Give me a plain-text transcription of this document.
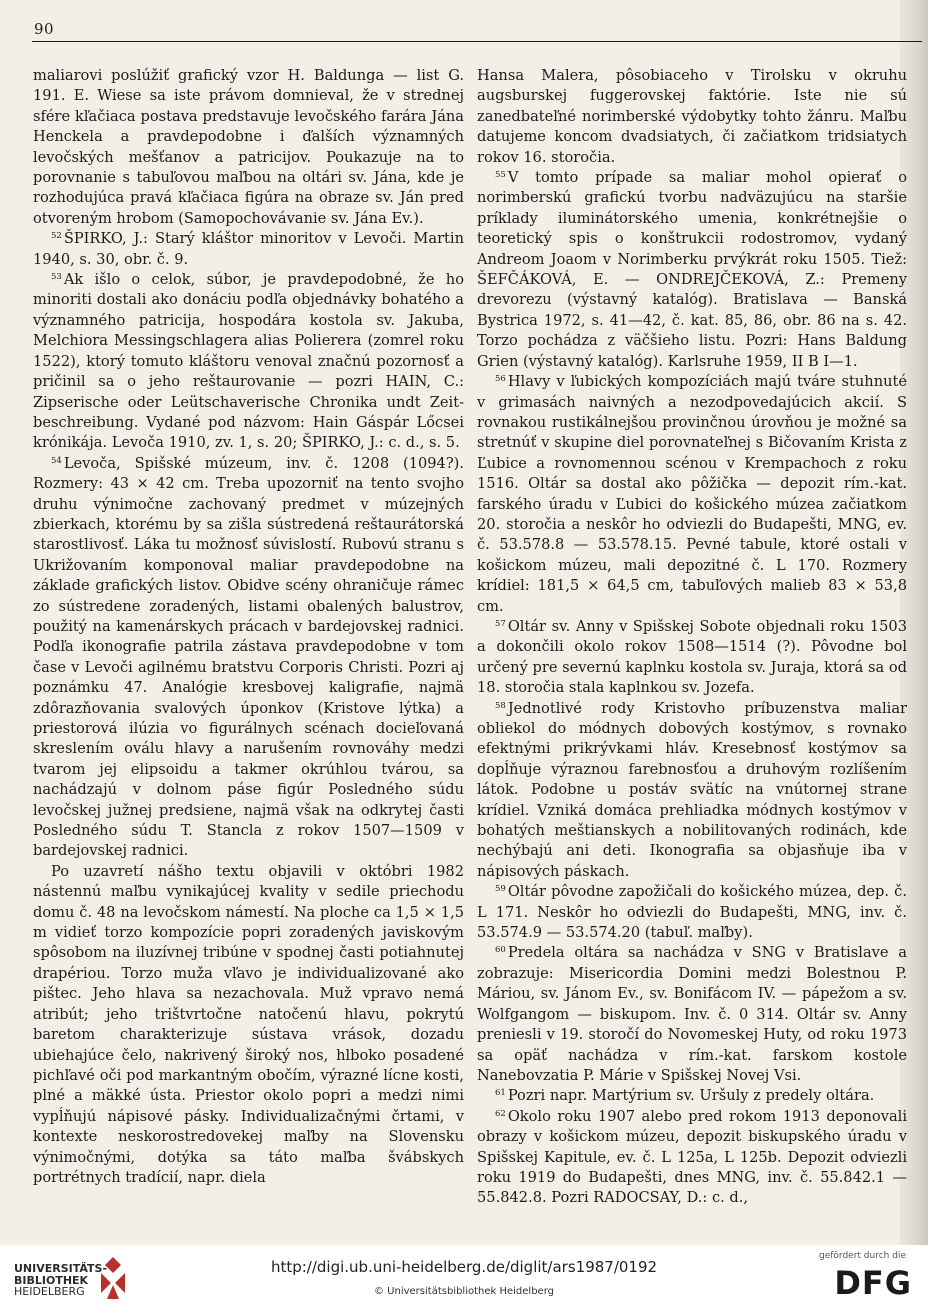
90

maliarovi poslúžiť grafický vzor H. Baldunga — list G. 191. E. Wiese sa iste právom domnieval, že v strednej sfére kľačiaca postava predstavuje levočského farára Jána Henckela a pravdepodobne i ďalších významných levočských mešťanov a patricijov. Poukazuje na to porovnanie s tabuľovou maľbou na oltári sv. Jána, kde je rozhodujúca pravá kľačiaca figúra na obraze sv. Ján pred otvoreným hrobom (Samopochovávanie sv. Jána Ev.).

$^{52}$ ŠPIRKO, J.: Starý kláštor minoritov v Levoči. Martin 1940, s. 30, obr. č. 9.

$^{53}$ Ak išlo o celok, súbor, je pravdepodobné, že ho minoriti dostali ako donáciu podľa objednávky bohatého a významného patricija, hospodára kostola sv. Jakuba, Melchiora Messingschlagera alias Polierera (zomrel roku 1522), ktorý tomuto kláštoru venoval značnú pozornosť a pričinil sa o jeho reštaurovanie — pozri HAIN, C.: Zipserische oder Leütschaverische Chronika undt Zeit- beschreibung. Vydané pod názvom: Hain Gáspár Lőcsei krónikája. Levoča 1910, zv. 1, s. 20; ŠPIRKO, J.: c. d., s. 5.

$^{54}$ Levoča, Spišské múzeum, inv. č. 1208 (1094?). Rozmery: 43 × 42 cm. Treba upozorniť na tento svojho druhu výnimočne zachovaný predmet v múzejných zbierkach, ktorému by sa zišla sústredená reštaurátorská starostlivosť. Láka tu možnosť súvislostí. Rubovú stranu s Ukrižovaním komponoval maliar pravdepodobne na základe grafických listov. Obidve scény ohraničuje rámec zo sústredene zoradených, listami obalených balustrov, použitý na kamenárskych prácach v bardejovskej radnici. Podľa ikonografie patrila zástava pravdepodobne v tom čase v Levoči agilnému bratstvu Corporis Christi. Pozri aj poznámku 47. Analógie kresbovej kaligrafie, najmä zdôrazňovania svalových úponkov (Kristove lýtka) a priestorová ilúzia vo figurálnych scénach docieľovaná skreslením oválu hlavy a narušením rovnováhy medzi tvarom jej elipsoidu a takmer okrúhlou tvárou, sa nachádzajú v dolnom páse figúr Posledného súdu levočskej južnej predsiene, najmä však na odkrytej časti Posledného súdu T. Stancla z rokov 1507—1509 v bardejovskej radnici.

Po uzavretí nášho textu objavili v októbri 1982 nástennú maľbu vynikajúcej kvality v sedile priechodu domu č. 48 na levočskom námestí. Na ploche ca 1,5 × 1,5 m vidieť torzo kompozície popri zoradených javiskovým spôsobom na iluzívnej tribúne v spodnej časti potiahnutej drapériou. Torzo muža vľavo je individualizované ako pištec. Jeho hlava sa nezachovala. Muž vpravo nemá atribút; jeho trištvrtočne natočenú hlavu, pokrytú baretom charakterizuje sústava vrások, dozadu ubiehajúce čelo, nakrivený široký nos, hlboko posadené pichľavé oči pod markantným obočím, výrazné lícne kosti, plné a mäkké ústa. Priestor okolo popri a medzi nimi vypĺňujú nápisové pásky. Individualizačnými črtami, v kontexte neskorostredovekej maľby na Slovensku výnimočnými, dotýka sa táto maľba švábskych portrétnych tradícií, napr. diela

Hansa Malera, pôsobiaceho v Tirolsku v okruhu augsburskej fuggerovskej faktórie. Iste nie sú zanedbateľné norimberské výdobytky tohto žánru. Maľbu datujeme koncom dvadsiatych, či začiatkom tridsiatych rokov 16. storočia.

$^{55}$ V tomto prípade sa maliar mohol opierať o norimberskú grafickú tvorbu nadväzujúcu na staršie príklady iluminátorského umenia, konkrétnejšie o teoretický spis o konštrukcii rodostromov, vydaný Andreom Joaom v Norimberku prvýkrát roku 1505. Tiež: ŠEFČÁKOVÁ, E. — ONDREJČEKOVÁ, Z.: Premeny drevorezu (výstavný katalóg). Bratislava — Banská Bystrica 1972, s. 41—42, č. kat. 85, 86, obr. 86 na s. 42. Torzo pochádza z väčšieho listu. Pozri: Hans Baldung Grien (výstavný katalóg). Karlsruhe 1959, II B I—1.

$^{56}$ Hlavy v ľubických kompozíciách majú tváre stuhnuté v grimasách naivných a nezodpovedajúcich akcií. S rovnakou rustikálnejšou provinčnou úrovňou je možné sa stretnúť v skupine diel porovnateľnej s Bičovaním Krista z Ľubice a rovnomennou scénou v Krempachoch z roku 1516. Oltár sa dostal ako pôžička — depozit rím.-kat. farského úradu v Ľubici do košického múzea začiatkom 20. storočia a neskôr ho odviezli do Budapešti, MNG, ev. č. 53.578.8 — 53.578.15. Pevné tabule, ktoré ostali v košickom múzeu, mali depozitné č. L 170. Rozmery krídiel: 181,5 × 64,5 cm, tabuľových malieb 83 × 53,8 cm.

$^{57}$ Oltár sv. Anny v Spišskej Sobote objednali roku 1503 a dokončili okolo rokov 1508—1514 (?). Pôvodne bol určený pre severnú kaplnku kostola sv. Juraja, ktorá sa od 18. storočia stala kaplnkou sv. Jozefa.

$^{58}$ Jednotlivé rody Kristovho príbuzenstva maliar obliekol do módnych dobových kostýmov, s rovnako efektnými prikrývkami hláv. Kresebnosť kostýmov sa dopĺňuje výraznou farebnosťou a druhovým rozlíšením látok. Podobne u postáv svätíc na vnútornej strane krídiel. Vzniká domáca prehliadka módnych kostýmov v bohatých meštianskych a nobilitovaných rodinách, kde nechýbajú ani deti. Ikonografia sa objasňuje iba v nápisových páskach.

$^{59}$ Oltár pôvodne zapožičali do košického múzea, dep. č. L 171. Neskôr ho odviezli do Budapešti, MNG, inv. č. 53.574.9 — 53.574.20 (tabuľ. maľby).

$^{60}$ Predela oltára sa nachádza v SNG v Bratislave a zobrazuje: Misericordia Domini medzi Bolestnou P. Máriou, sv. Jánom Ev., sv. Bonifácom IV. — pápežom a sv. Wolfgangom — biskupom. Inv. č. 0 314. Oltár sv. Anny preniesli v 19. storočí do Novomeskej Huty, od roku 1973 sa opäť nachádza v rím.-kat. farskom kostole Nanebovzatia P. Márie v Spišskej Novej Vsi.

$^{61}$ Pozri napr. Martýrium sv. Uršuly z predely oltára.

$^{62}$ Okolo roku 1907 alebo pred rokom 1913 deponovali obrazy v košickom múzeu, depozit biskupského úradu v Spišskej Kapitule, ev. č. L 125a, L 125b. Depozit odviezli roku 1919 do Budapešti, dnes MNG, inv. č. 55.842.1 — 55.842.8. Pozri RADOCSAY, D.: c. d.,

UNIVERSITÄTS-
BIBLIOTHEK
HEIDELBERG
http://digi.ub.uni-heidelberg.de/diglit/ars1987/0192
© Universitätsbibliothek Heidelberg
gefördert durch die
DFG
